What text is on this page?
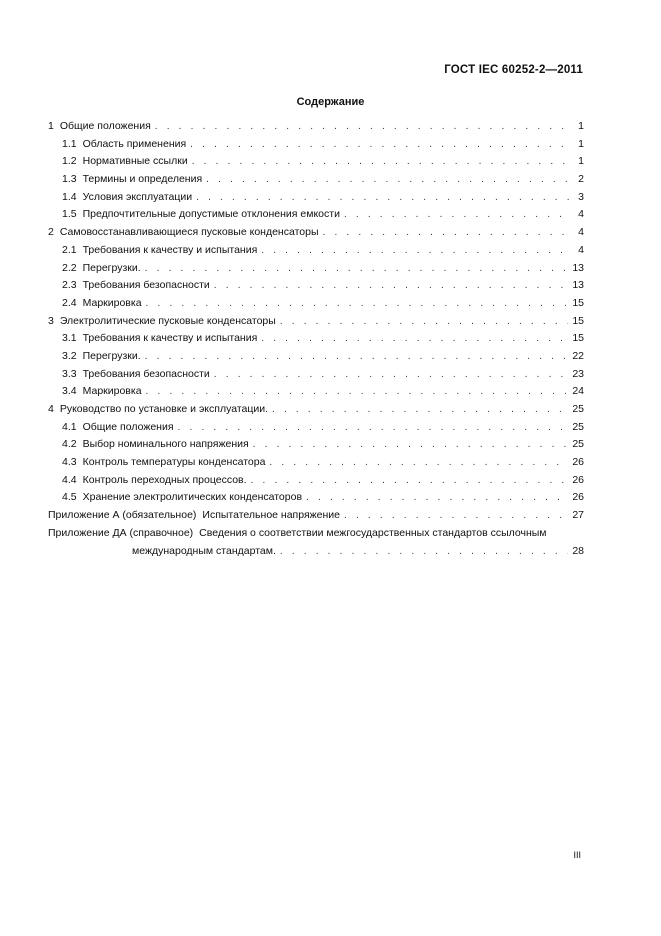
ГОСТ IEC 60252-2—2011
Содержание
1 Общие положения . . .	1
1.1 Область применения . . .	1
1.2 Нормативные ссылки . . .	1
1.3 Термины и определения . . .	2
1.4 Условия эксплуатации . . .	3
1.5 Предпочтительные допустимые отклонения емкости . . .	4
2 Самовосстанавливающиеся пусковые конденсаторы . . .	4
2.1 Требования к качеству и испытания . . .	4
2.2 Перегрузки. . . .	13
2.3 Требования безопасности . . .	13
2.4 Маркировка . . .	15
3 Электролитические пусковые конденсаторы . . .	15
3.1 Требования к качеству и испытания . . .	15
3.2 Перегрузки. . . .	22
3.3 Требования безопасности . . .	23
3.4 Маркировка . . .	24
4 Руководство по установке и эксплуатации. . . .	25
4.1 Общие положения . . .	25
4.2 Выбор номинального напряжения . . .	25
4.3 Контроль температуры конденсатора . . .	26
4.4 Контроль переходных процессов. . . .	26
4.5 Хранение электролитических конденсаторов . . .	26
Приложение А (обязательное) Испытательное напряжение . . .	27
Приложение ДА (справочное) Сведения о соответствии межгосударственных стандартов ссылочным
международным стандартам. . . .	28
III
